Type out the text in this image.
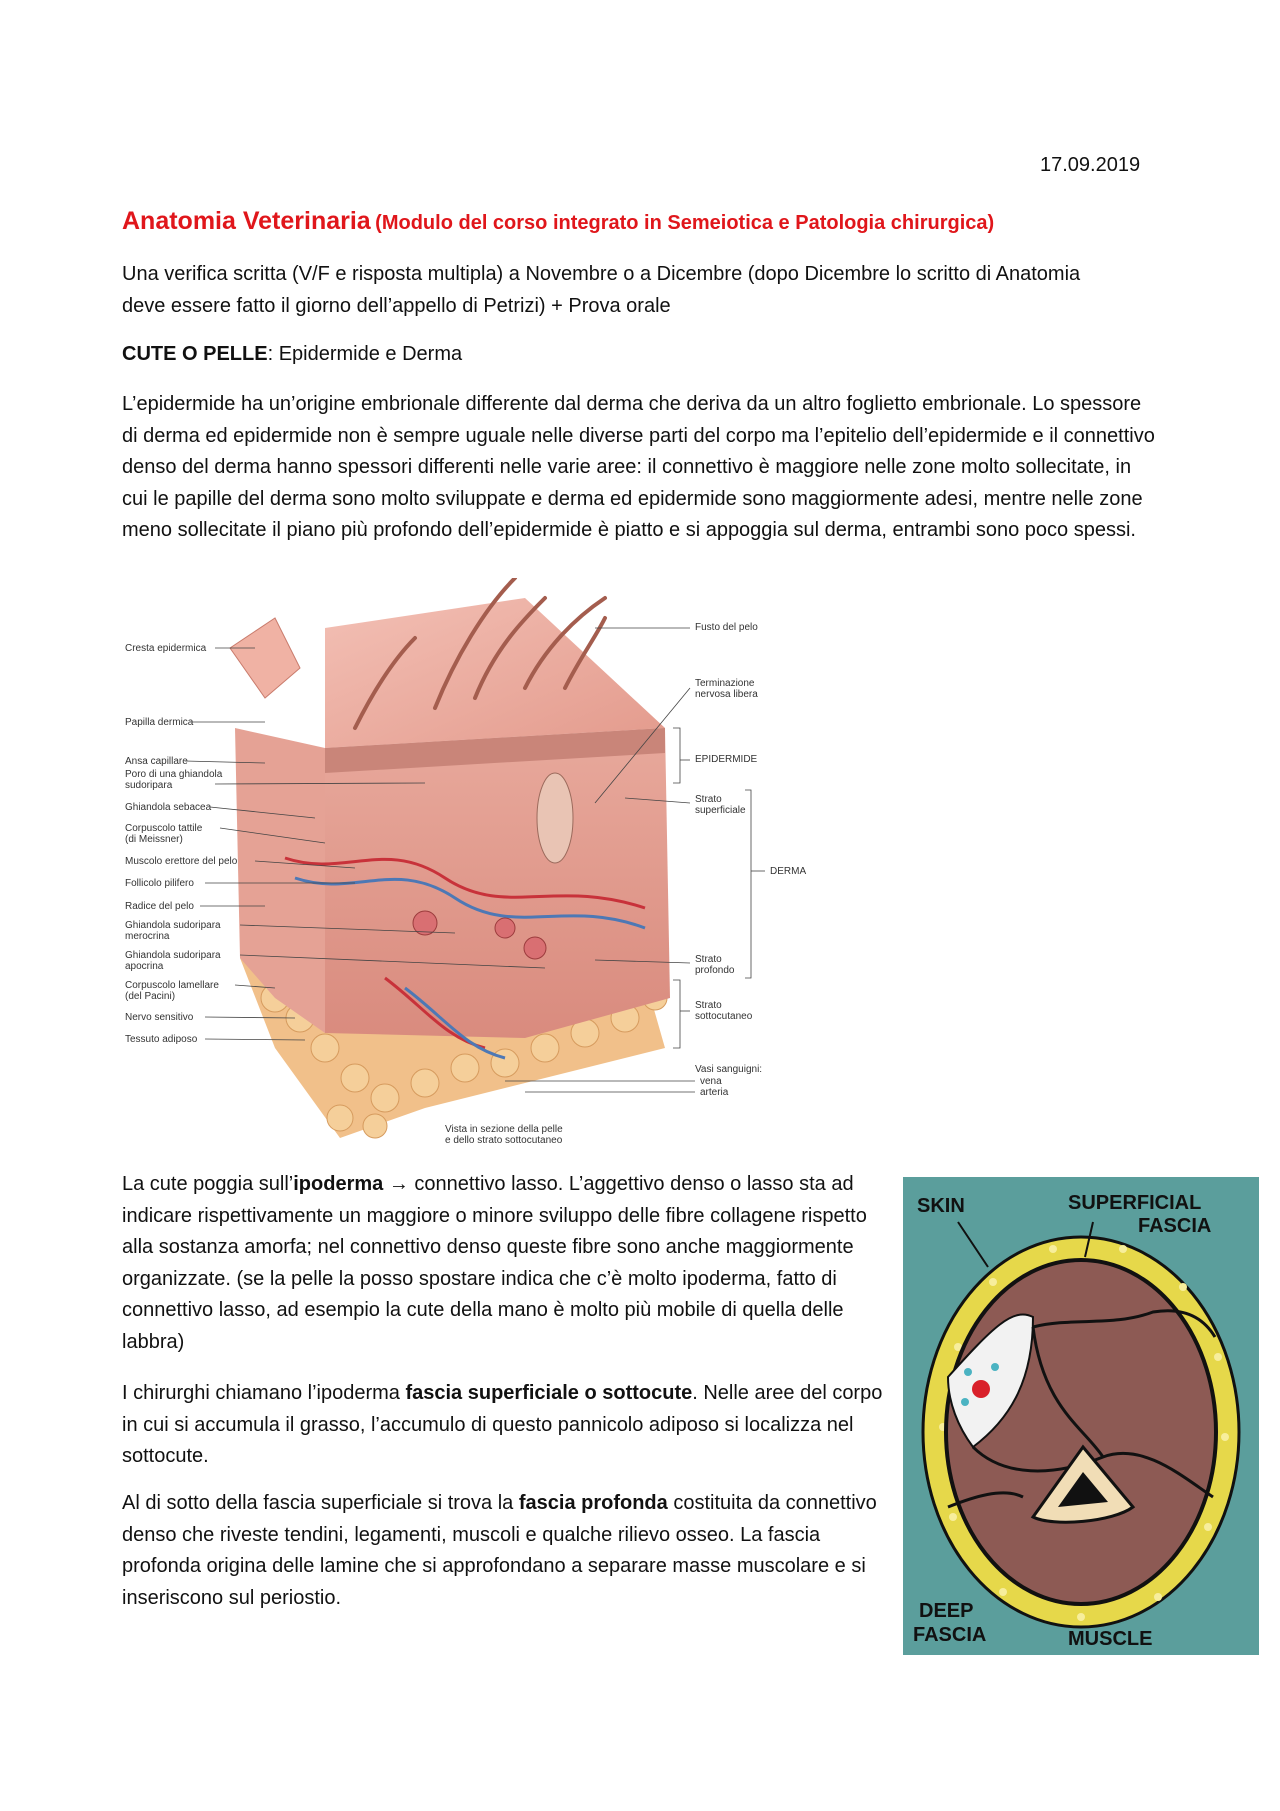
17.09.2019
Anatomia Veterinaria (Modulo del corso integrato in Semeiotica e Patologia chirurgica)
Una verifica scritta (V/F e risposta multipla) a Novembre o a Dicembre (dopo Dicembre lo scritto di Anatomia deve essere fatto il giorno dell’appello di Petrizi) + Prova orale
CUTE O PELLE: Epidermide e Derma
L’epidermide ha un’origine embrionale differente dal derma che deriva da un altro foglietto embrionale. Lo spessore di derma ed epidermide non è sempre uguale nelle diverse parti del corpo ma l’epitelio dell’epidermide e il connettivo denso del derma hanno spessori differenti nelle varie aree: il connettivo è maggiore nelle zone molto sollecitate, in cui le papille del derma sono molto sviluppate e derma ed epidermide sono maggiormente adesi, mentre nelle zone meno sollecitate il piano più profondo dell’epidermide è piatto e si appoggia sul derma, entrambi sono poco spessi.
Cresta epidermica
Papilla dermica
Ansa capillare
Poro di una ghiandola
sudoripara
Ghiandola sebacea
Corpuscolo tattile
(di Meissner)
Muscolo erettore del pelo
Follicolo pilifero
Radice del pelo
Ghiandola sudoripara
merocrina
Ghiandola sudoripara
apocrina
Corpuscolo lamellare
(del Pacini)
Nervo sensitivo
Tessuto adiposo
Fusto del pelo
Terminazione
nervosa libera
EPIDERMIDE
Strato
superficiale
DERMA
Strato
profondo
Strato
sottocutaneo
Vasi sanguigni:
vena
arteria
Vista in sezione della pelle
e dello strato sottocutaneo
La cute poggia sull’ipoderma → connettivo lasso. L’aggettivo denso o lasso sta ad indicare rispettivamente un maggiore o minore sviluppo delle fibre collagene rispetto alla sostanza amorfa; nel connettivo denso queste fibre sono anche maggiormente organizzate. (se la pelle la posso spostare indica che c’è molto ipoderma, fatto di connettivo lasso, ad esempio la cute della mano è molto più mobile di quella delle labbra)
I chirurghi chiamano l’ipoderma fascia superficiale o sottocute. Nelle aree del corpo in cui si accumula il grasso, l’accumulo di questo pannicolo adiposo si localizza nel sottocute.
Al di sotto della fascia superficiale si trova la fascia profonda costituita da connettivo denso che riveste tendini, legamenti, muscoli e qualche rilievo osseo. La fascia profonda origina delle lamine che si approfondano a separare masse muscolare e si inseriscono sul periostio.
SKIN	SUPERFICIAL
FASCIA
DEEP
FASCIA	MUSCLE
